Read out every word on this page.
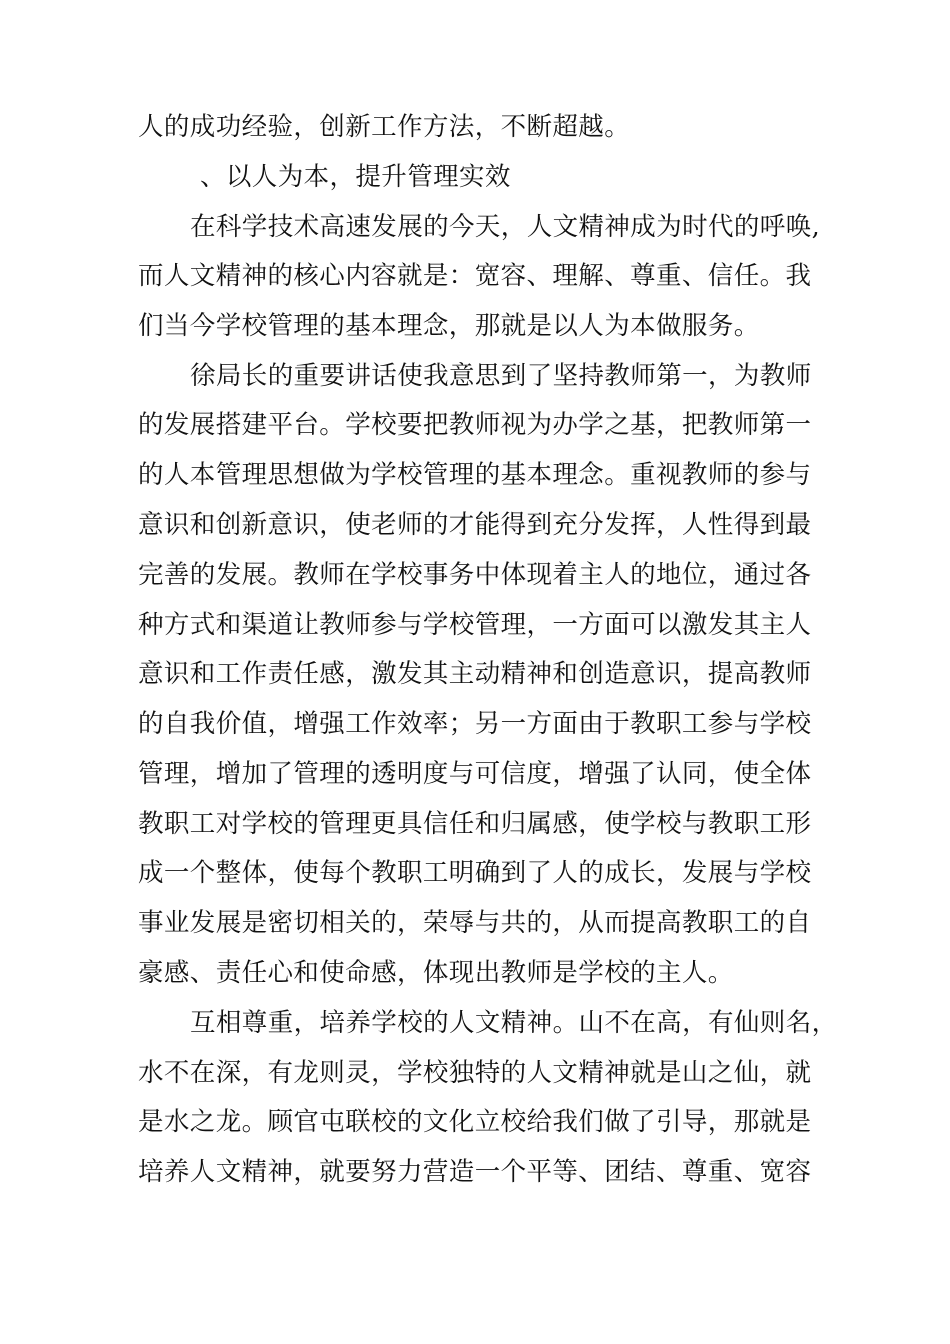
人的成功经验，创新工作方法，不断超越。

、以人为本，提升管理实效

在科学技术高速发展的今天，人文精神成为时代的呼唤,

而人文精神的核心内容就是：宽容、理解、尊重、信任。我

们当今学校管理的基本理念，那就是以人为本做服务。

徐局长的重要讲话使我意思到了坚持教师第一，为教师

的发展搭建平台。学校要把教师视为办学之基，把教师第一

的人本管理思想做为学校管理的基本理念。重视教师的参与

意识和创新意识，使老师的才能得到充分发挥，人性得到最

完善的发展。教师在学校事务中体现着主人的地位，通过各

种方式和渠道让教师参与学校管理，一方面可以激发其主人

意识和工作责任感，激发其主动精神和创造意识，提高教师

的自我价值，增强工作效率；另一方面由于教职工参与学校

管理，增加了管理的透明度与可信度，增强了认同，使全体

教职工对学校的管理更具信任和归属感，使学校与教职工形

成一个整体，使每个教职工明确到了人的成长，发展与学校

事业发展是密切相关的，荣辱与共的，从而提高教职工的自

豪感、责任心和使命感，体现出教师是学校的主人。

互相尊重，培养学校的人文精神。山不在高，有仙则名，

水不在深，有龙则灵，学校独特的人文精神就是山之仙，就

是水之龙。顾官屯联校的文化立校给我们做了引导，那就是

培养人文精神，就要努力营造一个平等、团结、尊重、宽容
